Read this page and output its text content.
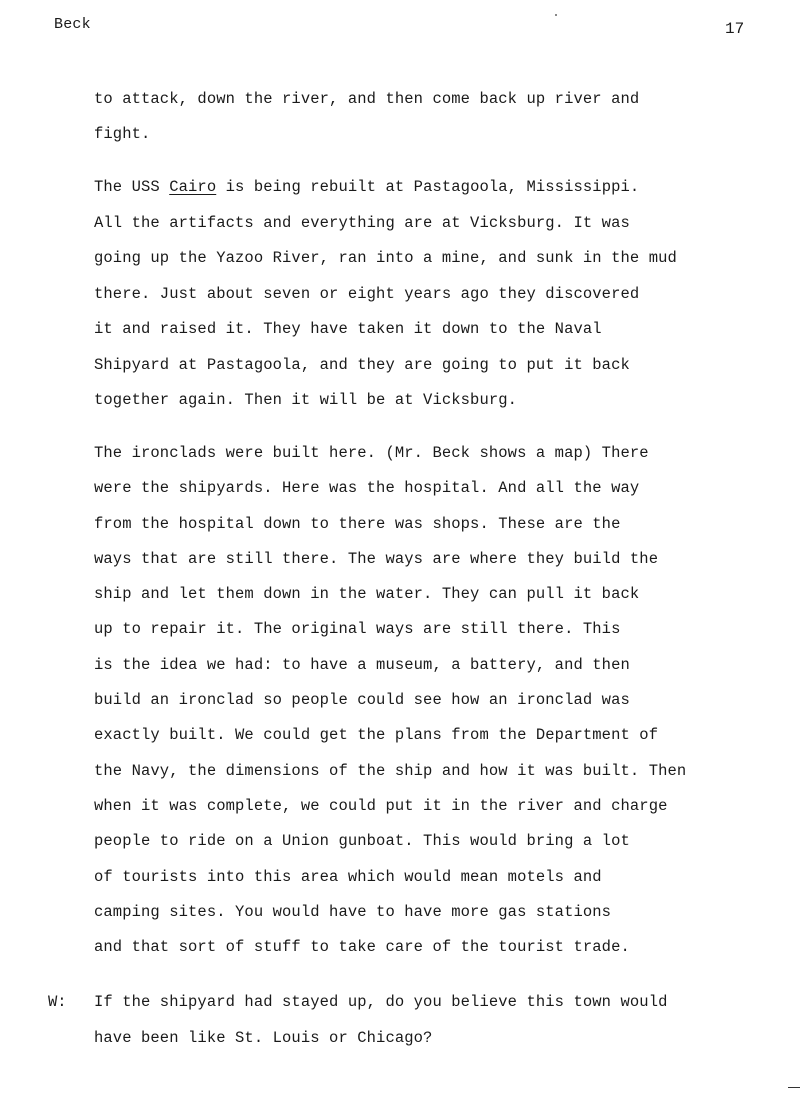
Beck	17
to attack, down the river, and then come back up river and
fight.
The USS Cairo is being rebuilt at Pastagoola, Mississippi.
All the artifacts and everything are at Vicksburg. It was
going up the Yazoo River, ran into a mine, and sunk in the mud
there. Just about seven or eight years ago they discovered
it and raised it. They have taken it down to the Naval
Shipyard at Pastagoola, and they are going to put it back
together again. Then it will be at Vicksburg.
The ironclads were built here. (Mr. Beck shows a map) There
were the shipyards. Here was the hospital. And all the way
from the hospital down to there was shops. These are the
ways that are still there. The ways are where they build the
ship and let them down in the water. They can pull it back
up to repair it. The original ways are still there. This
is the idea we had: to have a museum, a battery, and then
build an ironclad so people could see how an ironclad was
exactly built. We could get the plans from the Department of
the Navy, the dimensions of the ship and how it was built. Then
when it was complete, we could put it in the river and charge
people to ride on a Union gunboat. This would bring a lot
of tourists into this area which would mean motels and
camping sites. You would have to have more gas stations
and that sort of stuff to take care of the tourist trade.
W: If the shipyard had stayed up, do you believe this town would
have been like St. Louis or Chicago?
